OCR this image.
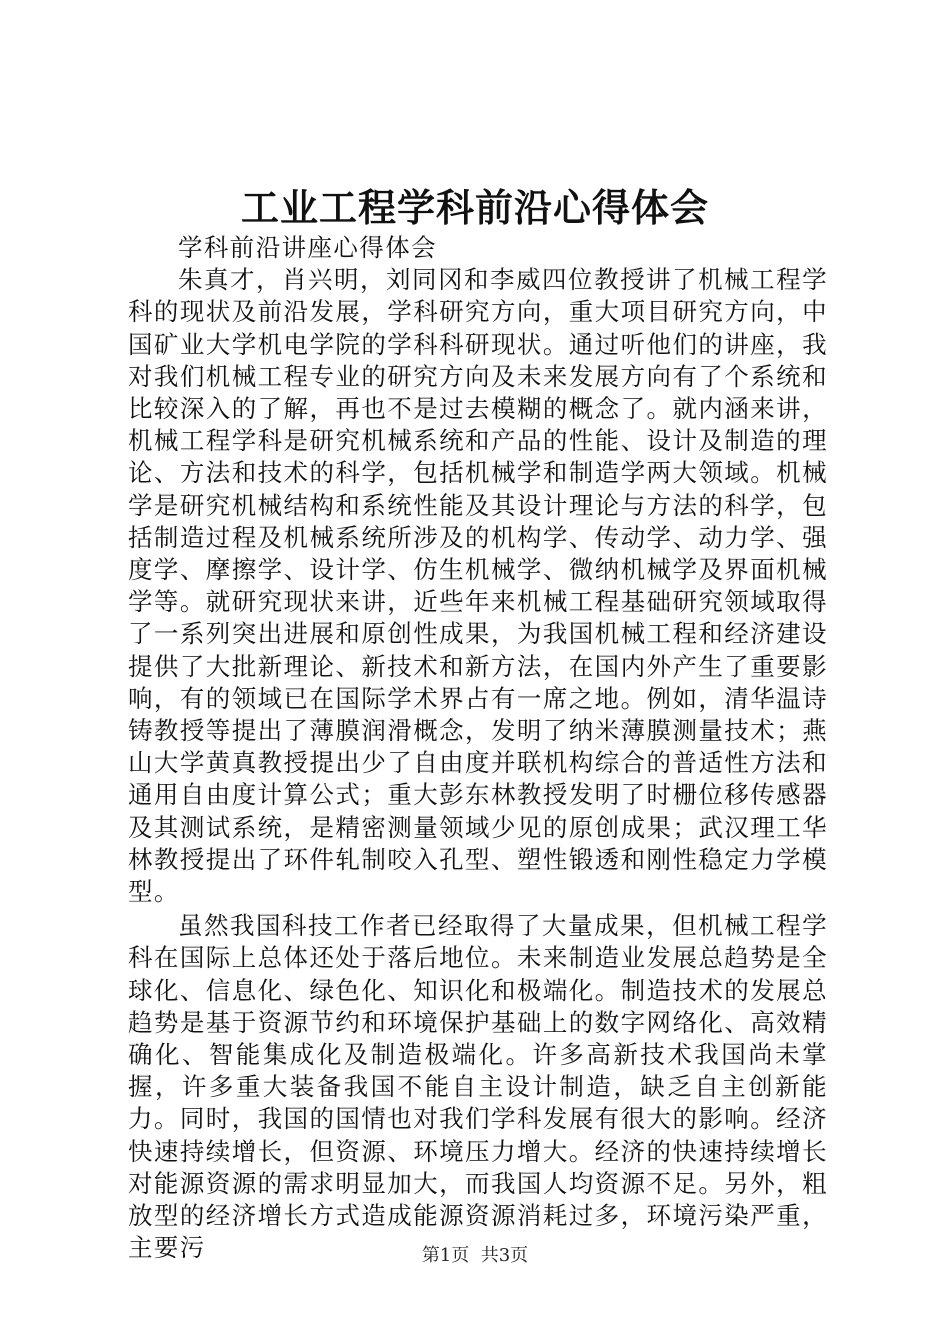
工业工程学科前沿心得体会

学科前沿讲座心得体会

朱真才，肖兴明，刘同冈和李威四位教授讲了机械工程学科的现状及前沿发展，学科研究方向，重大项目研究方向，中国矿业大学机电学院的学科科研现状。通过听他们的讲座，我对我们机械工程专业的研究方向及未来发展方向有了个系统和比较深入的了解，再也不是过去模糊的概念了。就内涵来讲，机械工程学科是研究机械系统和产品的性能、设计及制造的理论、方法和技术的科学，包括机械学和制造学两大领域。机械学是研究机械结构和系统性能及其设计理论与方法的科学，包括制造过程及机械系统所涉及的机构学、传动学、动力学、强度学、摩擦学、设计学、仿生机械学、微纳机械学及界面机械学等。就研究现状来讲，近些年来机械工程基础研究领域取得了一系列突出进展和原创性成果，为我国机械工程和经济建设提供了大批新理论、新技术和新方法，在国内外产生了重要影响，有的领域已在国际学术界占有一席之地。例如，清华温诗铸教授等提出了薄膜润滑概念，发明了纳米薄膜测量技术；燕山大学黄真教授提出少了自由度并联机构综合的普适性方法和通用自由度计算公式；重大彭东林教授发明了时栅位移传感器及其测试系统，是精密测量领域少见的原创成果；武汉理工华林教授提出了环件轧制咬入孔型、塑性锻透和刚性稳定力学模型。

虽然我国科技工作者已经取得了大量成果，但机械工程学科在国际上总体还处于落后地位。未来制造业发展总趋势是全球化、信息化、绿色化、知识化和极端化。制造技术的发展总趋势是基于资源节约和环境保护基础上的数字网络化、高效精确化、智能集成化及制造极端化。许多高新技术我国尚未掌握，许多重大装备我国不能自主设计制造，缺乏自主创新能力。同时，我国的国情也对我们学科发展有很大的影响。经济快速持续增长，但资源、环境压力增大。经济的快速持续增长对能源资源的需求明显加大，而我国人均资源不足。另外，粗放型的经济增长方式造成能源资源消耗过多，环境污染严重，主要污	第1页  共3页
